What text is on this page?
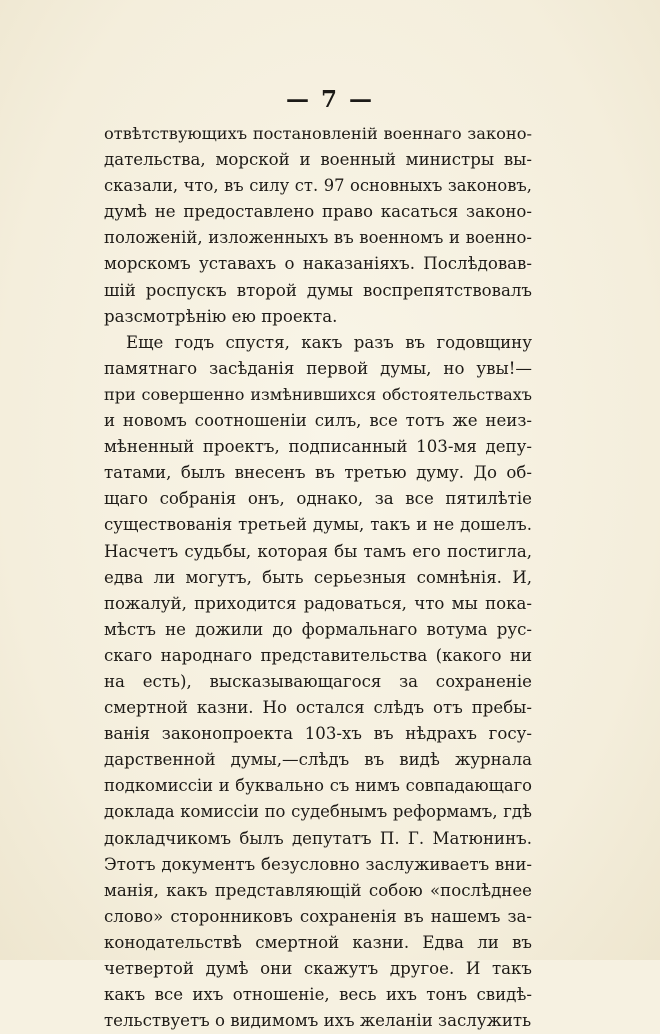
— 7 —
отвѣтствующихъ постановленій военнаго законо-
дательства, морской и военный министры вы-
сказали, что, въ силу ст. 97 основныхъ законовъ,
думѣ не предоставлено право касаться законо-
положеній, изложенныхъ въ военномъ и военно-
морскомъ уставахъ о наказаніяхъ. Послѣдовав-
шій роспускъ второй думы воспрепятствовалъ
разсмотрѣнію ею проекта.
Еще годъ спустя, какъ разъ въ годовщину
памятнаго засѣданія первой думы, но увы!—
при совершенно измѣнившихся обстоятельствахъ
и новомъ соотношеніи силъ, все тотъ же неиз-
мѣненный проектъ, подписанный 103-мя депу-
татами, былъ внесенъ въ третью думу. До об-
щаго собранія онъ, однако, за все пятилѣтіе
существованія третьей думы, такъ и не дошелъ.
Насчетъ судьбы, которая бы тамъ его постигла,
едва ли могутъ, быть серьезныя сомнѣнія. И,
пожалуй, приходится радоваться, что мы пока-
мѣстъ не дожили до формальнаго вотума рус-
скаго народнаго представительства (какого ни
на есть), высказывающагося за сохраненіе
смертной казни. Но остался слѣдъ отъ пребы-
ванія законопроекта 103-хъ въ нѣдрахъ госу-
дарственной думы,—слѣдъ въ видѣ журнала
подкомиссіи и буквально съ нимъ совпадающаго
доклада комиссіи по судебнымъ реформамъ, гдѣ
докладчикомъ былъ депутатъ П. Г. Матюнинъ.
Этотъ документъ безусловно заслуживаетъ вни-
манія, какъ представляющій собою «послѣднее
слово» сторонниковъ сохраненія въ нашемъ за-
конодательствѣ смертной казни. Едва ли въ
четвертой думѣ они скажутъ другое. И такъ
какъ все ихъ отношеніе, весь ихъ тонъ свидѣ-
тельствуетъ о видимомъ ихъ желаніи заслужить
